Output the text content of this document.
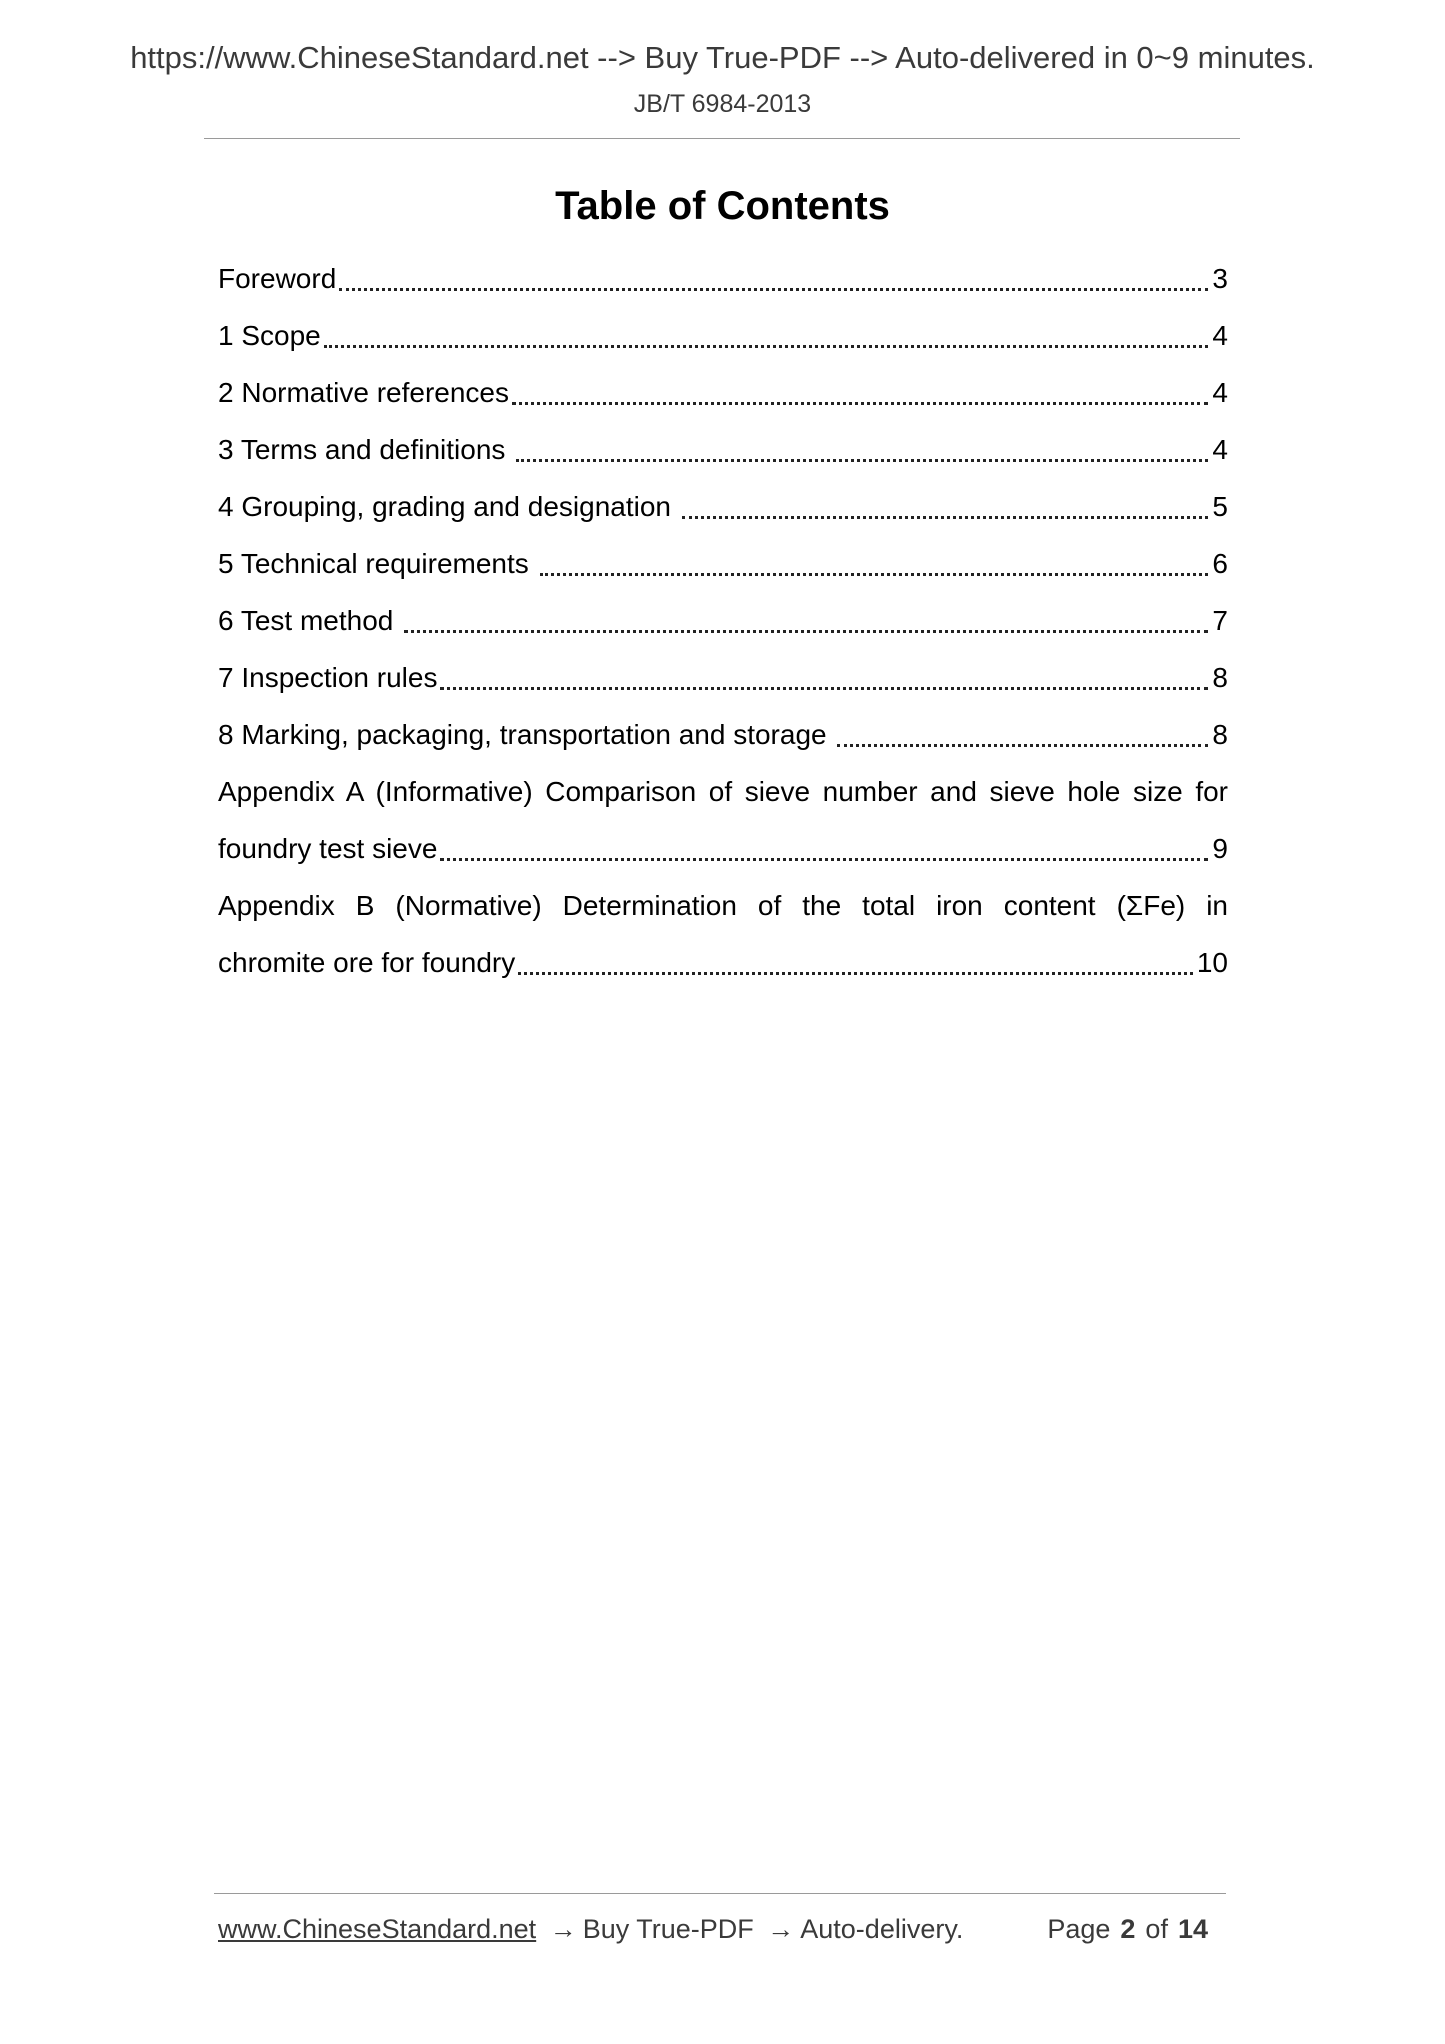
https://www.ChineseStandard.net --> Buy True-PDF --> Auto-delivered in 0~9 minutes.
JB/T 6984-2013
Table of Contents
Foreword	3
1 Scope	4
2 Normative references	4
3 Terms and definitions	4
4 Grouping, grading and designation	5
5 Technical requirements	6
6 Test method	7
7 Inspection rules	8
8 Marking, packaging, transportation and storage	8
Appendix A (Informative) Comparison of sieve number and sieve hole size for
foundry test sieve	9
Appendix B (Normative) Determination of the total iron content (ΣFe) in
chromite ore for foundry	10
www.ChineseStandard.net → Buy True-PDF → Auto-delivery.	Page 2 of 14
